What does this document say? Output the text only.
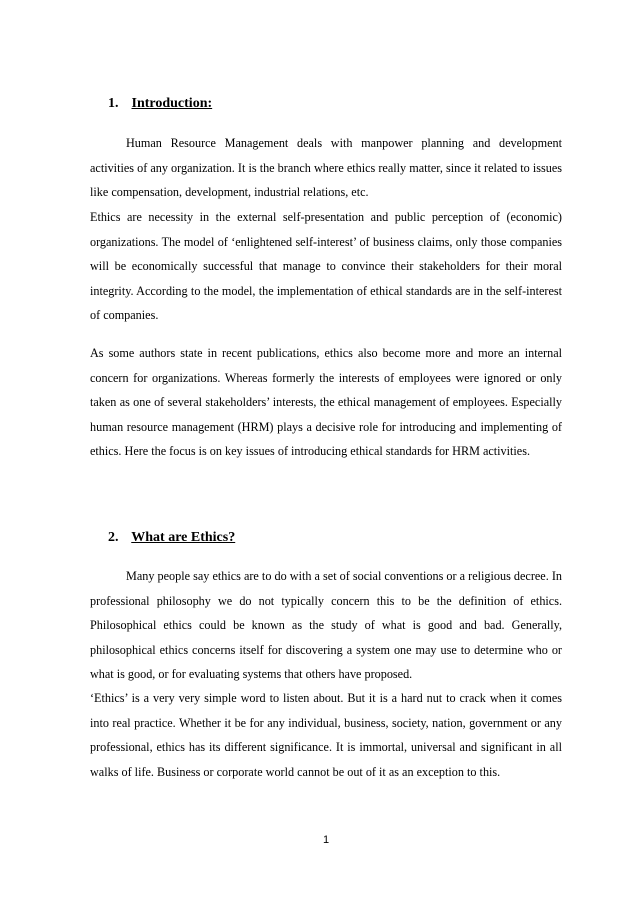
1. Introduction:

Human Resource Management deals with manpower planning and development activities of any organization. It is the branch where ethics really matter, since it related to issues like compensation, development, industrial relations, etc.

Ethics are necessity in the external self-presentation and public perception of (economic) organizations. The model of ‘enlightened self-interest’ of business claims, only those companies will be economically successful that manage to convince their stakeholders for their moral integrity. According to the model, the implementation of ethical standards are in the self-interest of companies.

As some authors state in recent publications, ethics also become more and more an internal concern for organizations. Whereas formerly the interests of employees were ignored or only taken as one of several stakeholders’ interests, the ethical management of employees. Especially human resource management (HRM) plays a decisive role for introducing and implementing of ethics. Here the focus is on key issues of introducing ethical standards for HRM activities.

2. What are Ethics?

Many people say ethics are to do with a set of social conventions or a religious decree. In professional philosophy we do not typically concern this to be the definition of ethics. Philosophical ethics could be known as the study of what is good and bad. Generally, philosophical ethics concerns itself for discovering a system one may use to determine who or what is good, or for evaluating systems that others have proposed.

‘Ethics’ is a very very simple word to listen about. But it is a hard nut to crack when it comes into real practice. Whether it be for any individual, business, society, nation, government or any professional, ethics has its different significance. It is immortal, universal and significant in all walks of life. Business or corporate world cannot be out of it as an exception to this.

1
